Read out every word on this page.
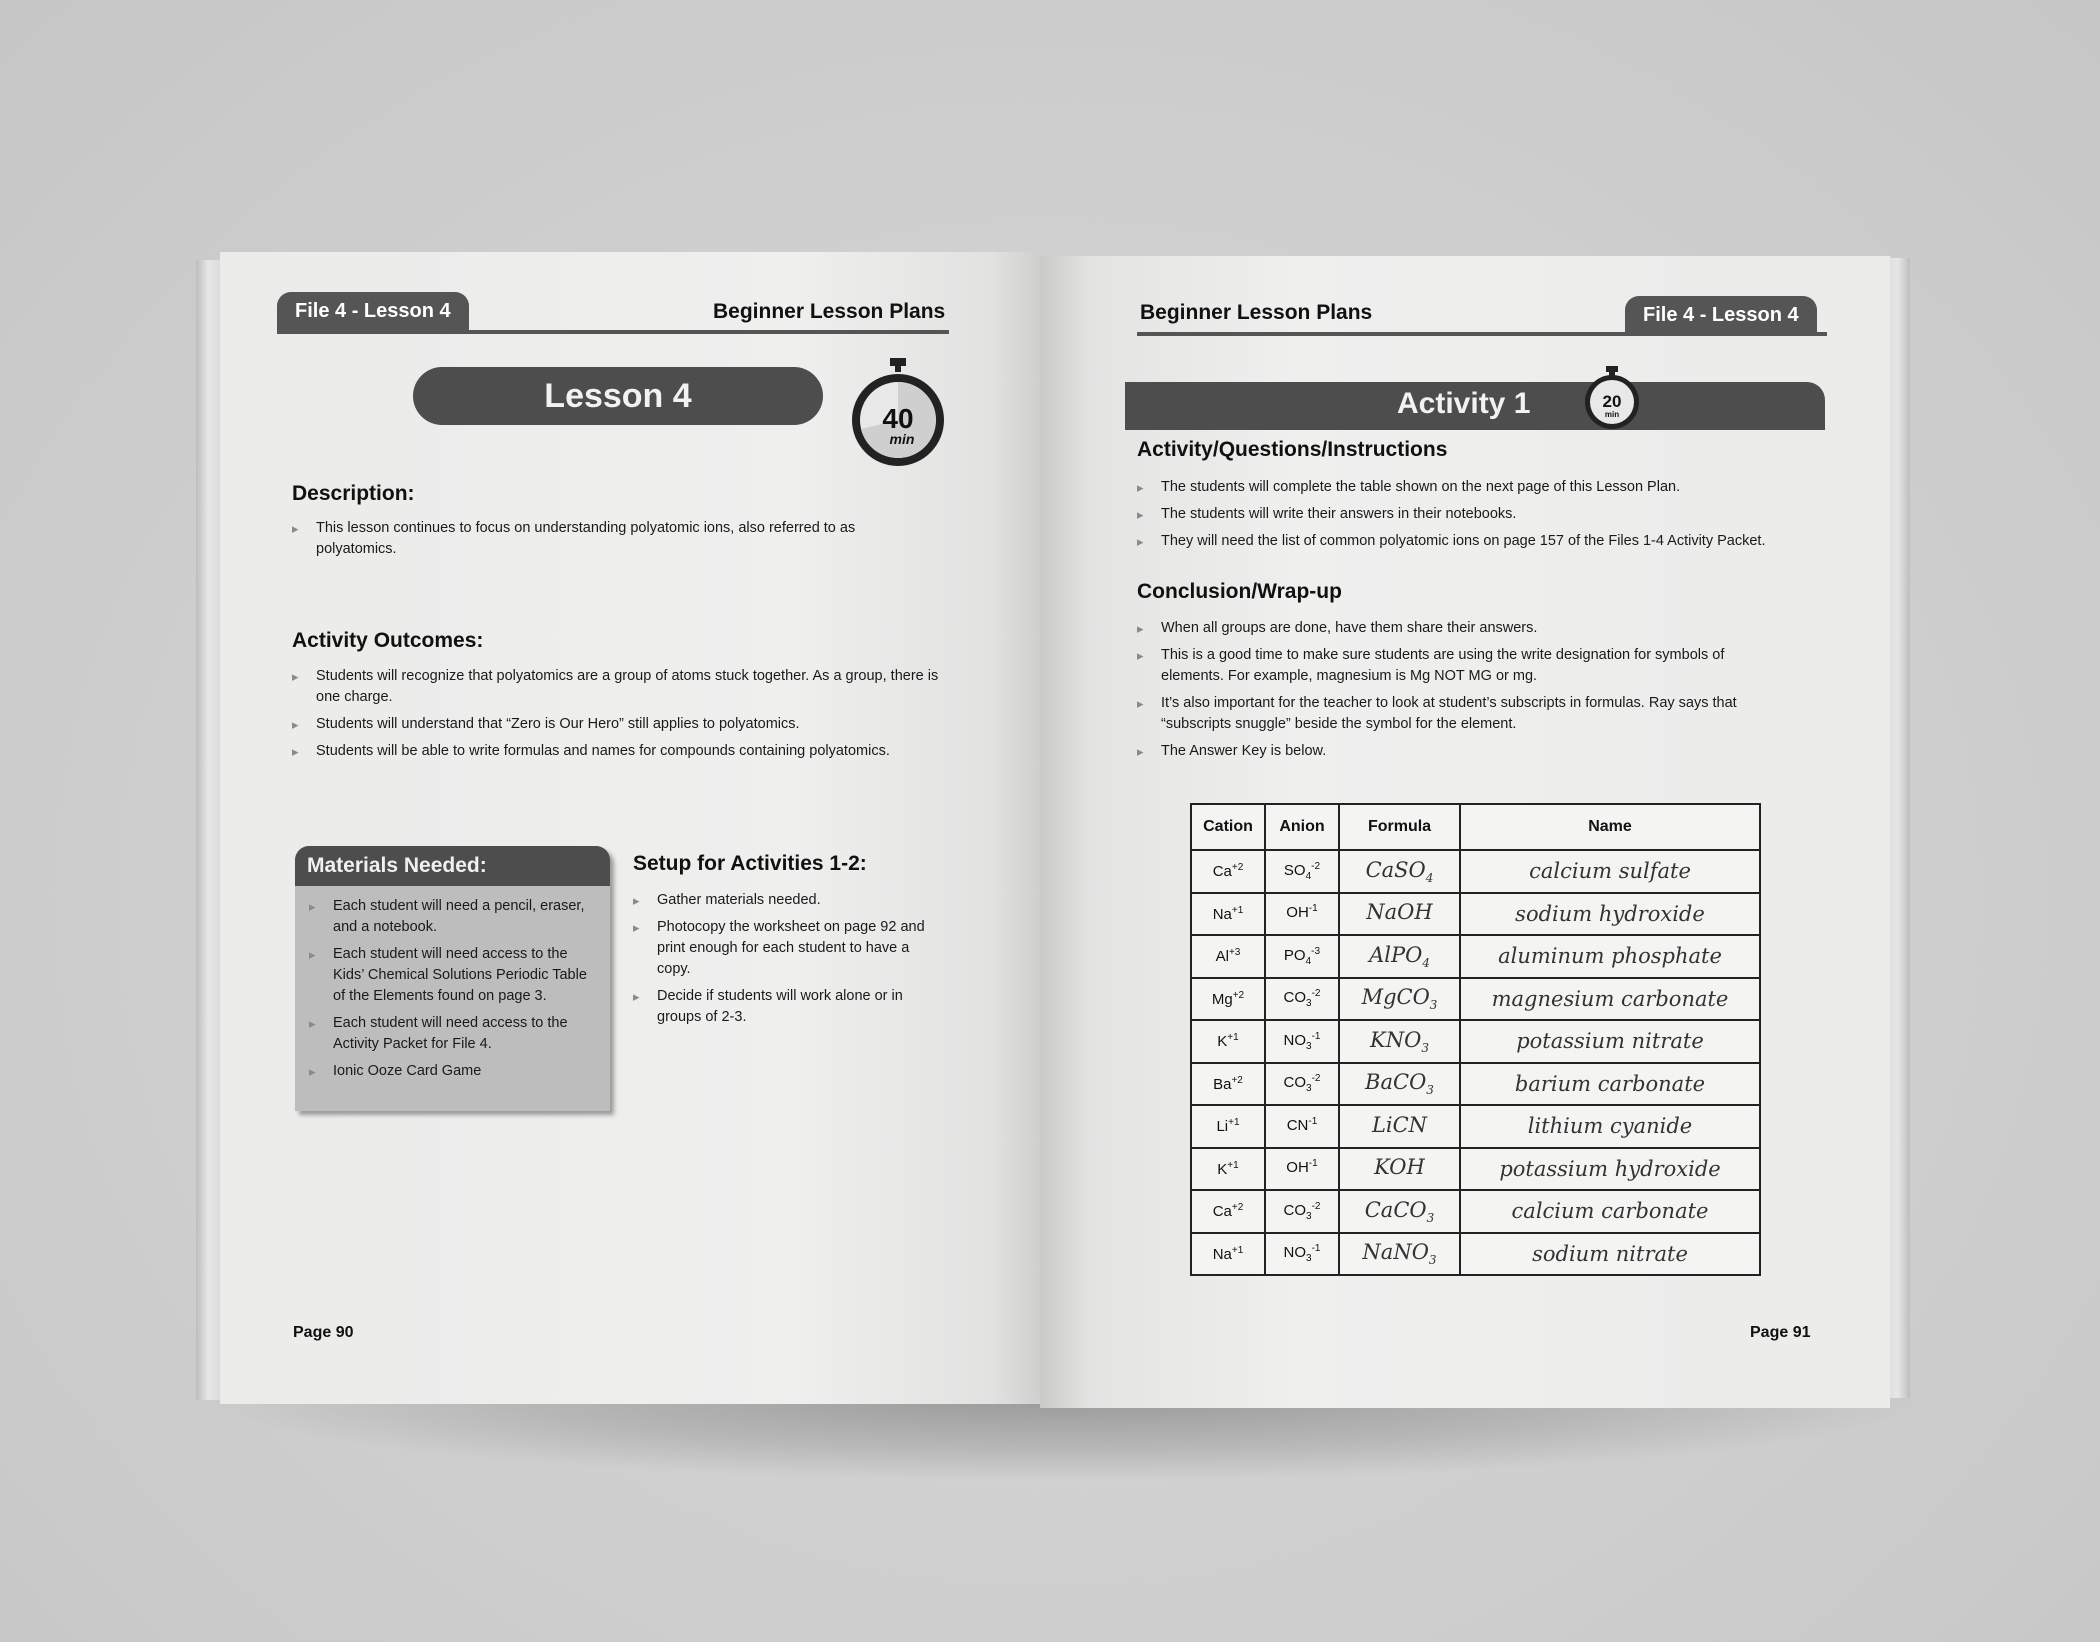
File 4 - Lesson 4	Beginner Lesson Plans
Lesson 4
40
min
Description:
▸ This lesson continues to focus on understanding polyatomic ions, also referred to as polyatomics.
Activity Outcomes:
▸ Students will recognize that polyatomics are a group of atoms stuck together. As a group, there is one charge.
▸ Students will understand that “Zero is Our Hero” still applies to polyatomics.
▸ Students will be able to write formulas and names for compounds containing polyatomics.
Materials Needed:
▸ Each student will need a pencil, eraser, and a notebook.
▸ Each student will need access to the Kids’ Chemical Solutions Periodic Table of the Elements found on page 3.
▸ Each student will need access to the Activity Packet for File 4.
▸ Ionic Ooze Card Game
Setup for Activities 1-2:
▸ Gather materials needed.
▸ Photocopy the worksheet on page 92 and print enough for each student to have a copy.
▸ Decide if students will work alone or in groups of 2-3.
Page 90
Beginner Lesson Plans	File 4 - Lesson 4
Activity 1	20
min
Activity/Questions/Instructions
▸ The students will complete the table shown on the next page of this Lesson Plan.
▸ The students will write their answers in their notebooks.
▸ They will need the list of common polyatomic ions on page 157 of the Files 1-4 Activity Packet.
Conclusion/Wrap-up
▸ When all groups are done, have them share their answers.
▸ This is a good time to make sure students are using the write designation for symbols of elements. For example, magnesium is Mg NOT MG or mg.
▸ It’s also important for the teacher to look at student’s subscripts in formulas. Ray says that “subscripts snuggle” beside the symbol for the element.
▸ The Answer Key is below.
Cation	Anion	Formula	Name
$Ca^{+2}$	$SO_4^{-2}$	CaSO$_4$	calcium sulfate
$Na^{+1}$	$OH^{-1}$	NaOH	sodium hydroxide
$Al^{+3}$	$PO_4^{-3}$	AlPO$_4$	aluminum phosphate
$Mg^{+2}$	$CO_3^{-2}$	MgCO$_3$	magnesium carbonate
$K^{+1}$	$NO_3^{-1}$	$KNO_3$	potassium nitrate
$Ba^{+2}$	$CO_3^{-2}$	BaCO$_3$	barium carbonate
$Li^{+1}$	$CN^{-1}$	LiCN	lithium cyanide
$K^{+1}$	$OH^{-1}$	KOH	potassium hydroxide
$Ca^{+2}$	$CO_3^{-2}$	CaCO$_3$	calcium carbonate
$Na^{+1}$	$NO_3^{-1}$	NaNO$_3$	sodium nitrate
Page 91
